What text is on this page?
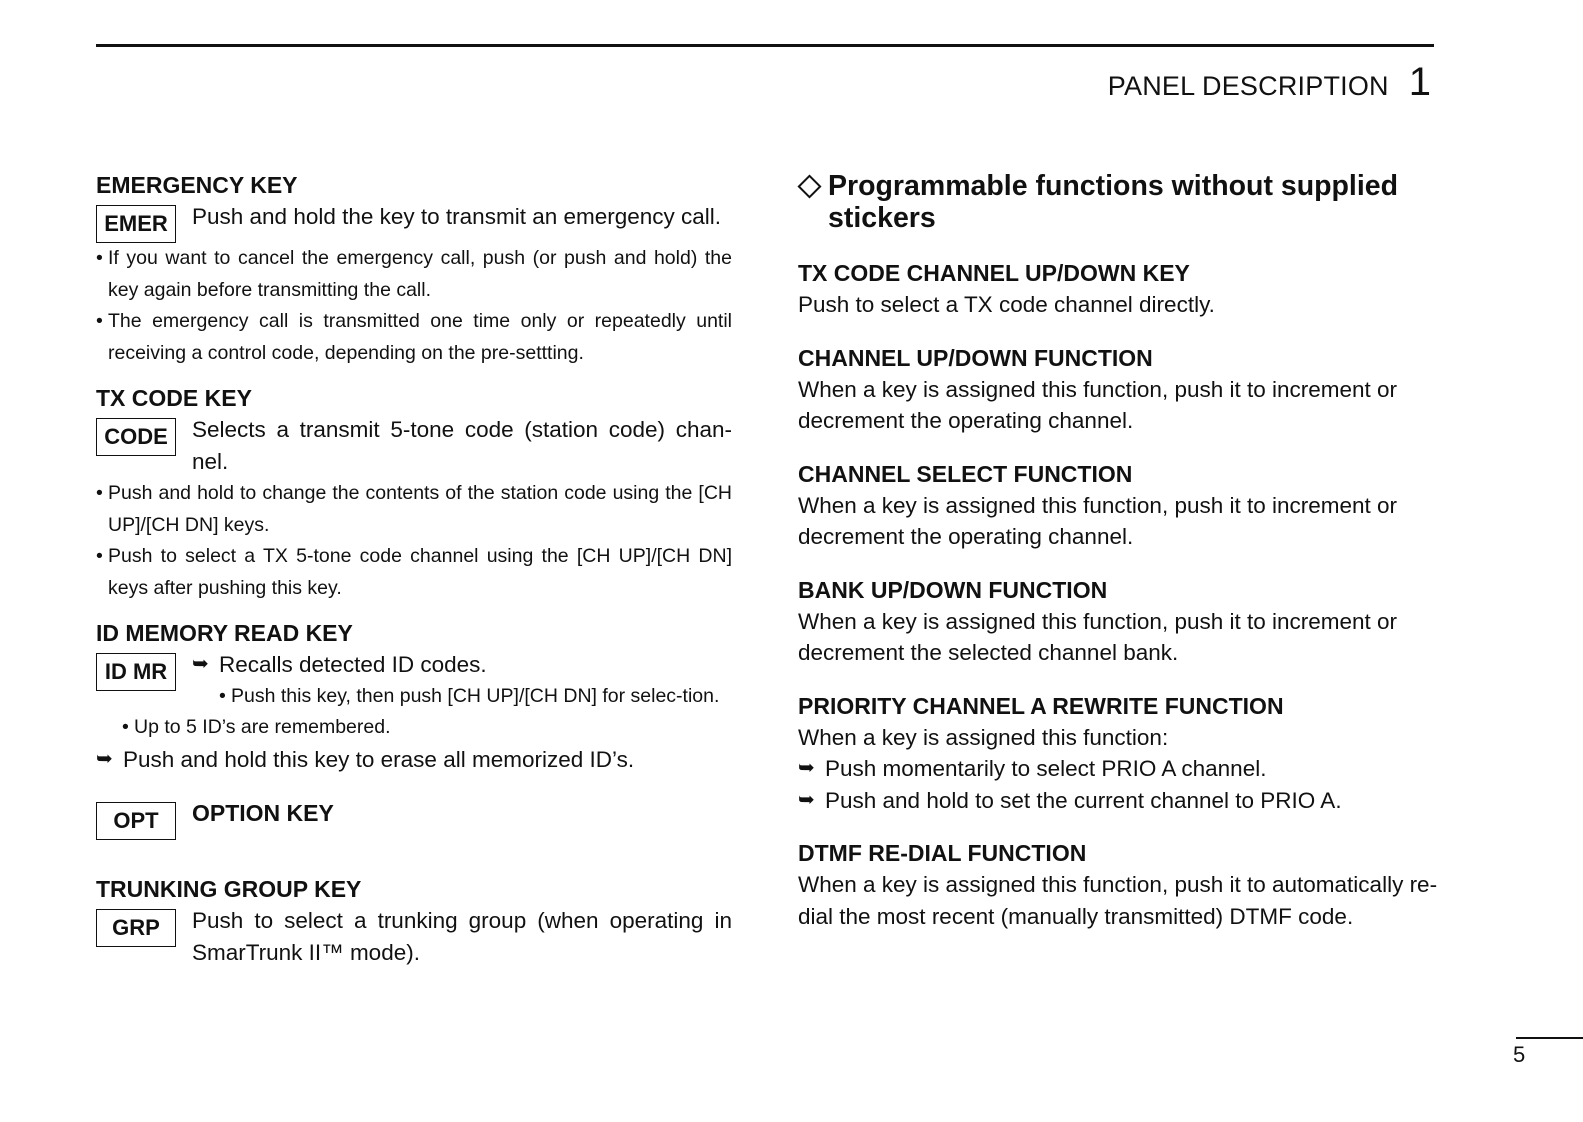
PANEL DESCRIPTION 1
EMERGENCY KEY
EMER	Push and hold the key to transmit an emergency call.
• If you want to cancel the emergency call, push (or push and hold) the key again before transmitting the call.
• The emergency call is transmitted one time only or repeatedly until receiving a control code, depending on the pre-settting.
TX CODE KEY
CODE	Selects a transmit 5-tone code (station code) chan-nel.
• Push and hold to change the contents of the station code using the [CH UP]/[CH DN] keys.
• Push to select a TX 5-tone code channel using the [CH UP]/[CH DN] keys after pushing this key.
ID MEMORY READ KEY
ID MR	➥ Recalls detected ID codes.
• Push this key, then push [CH UP]/[CH DN] for selec-tion.
• Up to 5 ID’s are remembered.
➥ Push and hold this key to erase all memorized ID’s.
OPT	OPTION KEY
TRUNKING GROUP KEY
GRP	Push to select a trunking group (when operating in SmarTrunk II™ mode).
Programmable functions without supplied stickers
TX CODE CHANNEL UP/DOWN KEY
Push to select a TX code channel directly.
CHANNEL UP/DOWN FUNCTION
When a key is assigned this function, push it to increment or decrement the operating channel.
CHANNEL SELECT FUNCTION
When a key is assigned this function, push it to increment or decrement the operating channel.
BANK UP/DOWN FUNCTION
When a key is assigned this function, push it to increment or decrement the selected channel bank.
PRIORITY CHANNEL A REWRITE FUNCTION
When a key is assigned this function:
➥ Push momentarily to select PRIO A channel.
➥ Push and hold to set the current channel to PRIO A.
DTMF RE-DIAL FUNCTION
When a key is assigned this function, push it to automatically re-dial the most recent (manually transmitted) DTMF code.
5
